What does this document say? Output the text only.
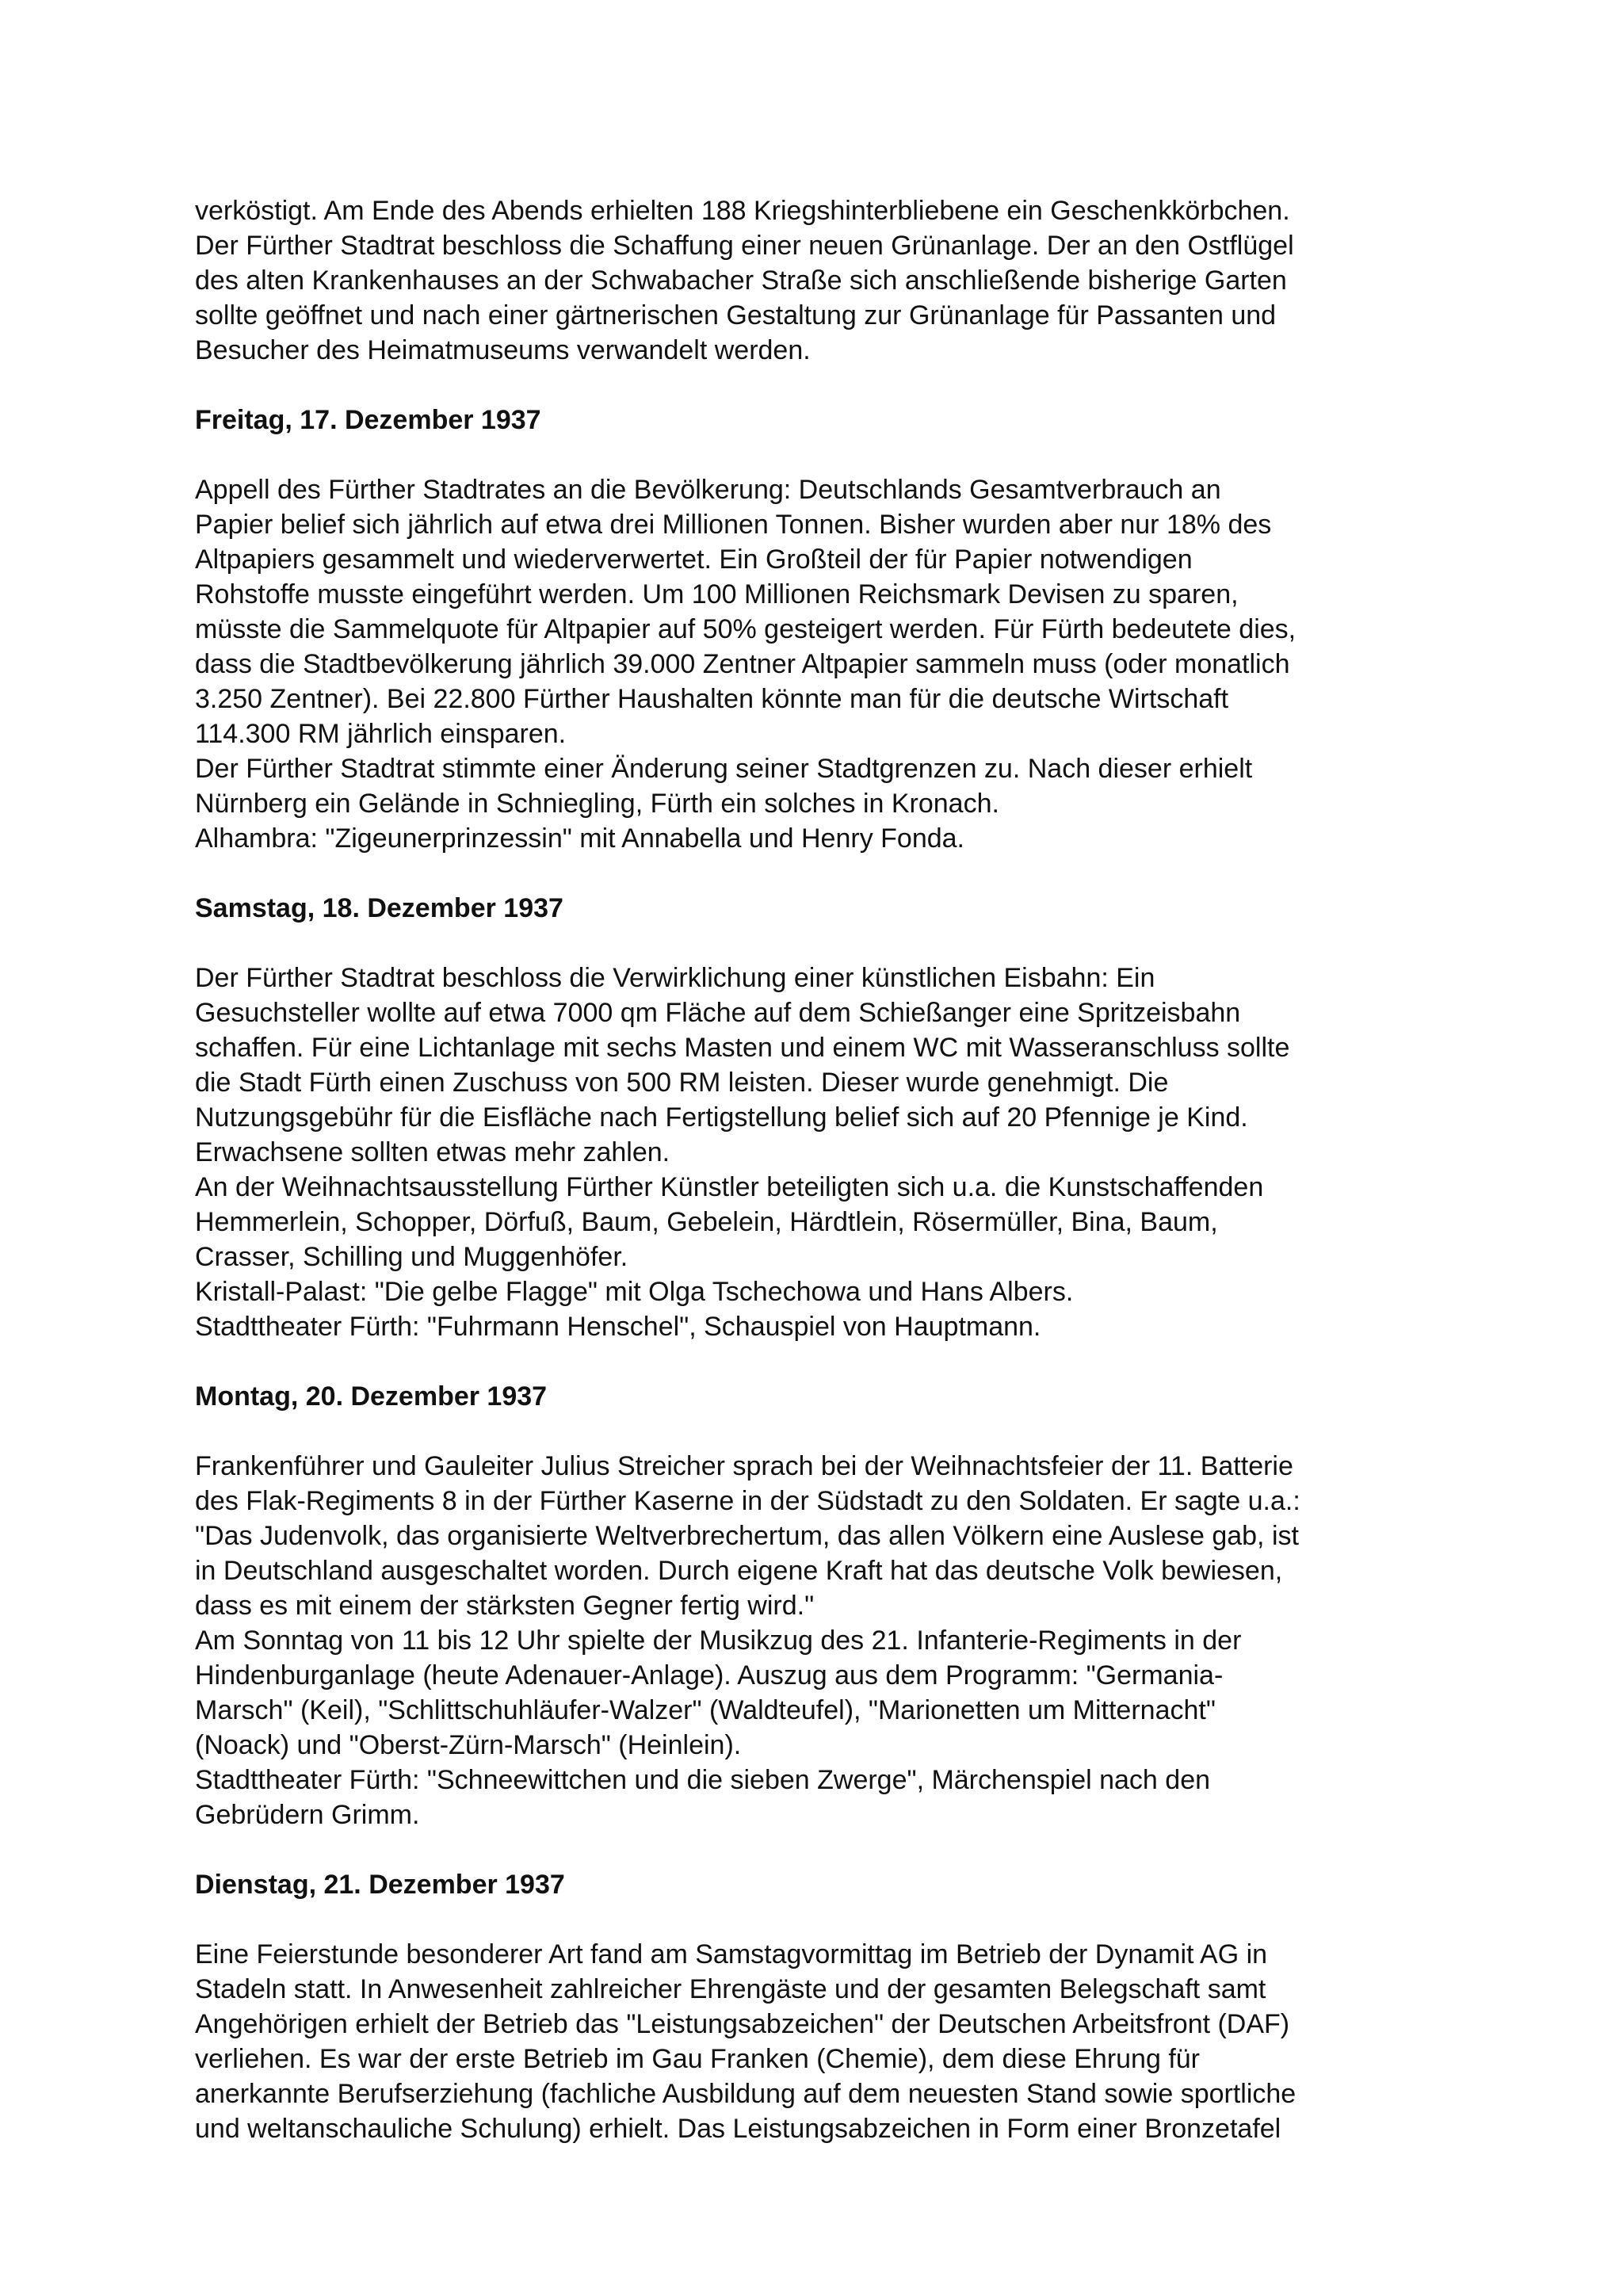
verköstigt. Am Ende des Abends erhielten 188 Kriegshinterbliebene ein Geschenkkörbchen.
Der Fürther Stadtrat beschloss die Schaffung einer neuen Grünanlage. Der an den Ostflügel
des alten Krankenhauses an der Schwabacher Straße sich anschließende bisherige Garten
sollte geöffnet und nach einer gärtnerischen Gestaltung zur Grünanlage für Passanten und
Besucher des Heimatmuseums verwandelt werden.
Freitag, 17. Dezember 1937
Appell des Fürther Stadtrates an die Bevölkerung: Deutschlands Gesamtverbrauch an
Papier belief sich jährlich auf etwa drei Millionen Tonnen. Bisher wurden aber nur 18% des
Altpapiers gesammelt und wiederverwertet. Ein Großteil der für Papier notwendigen
Rohstoffe musste eingeführt werden. Um 100 Millionen Reichsmark Devisen zu sparen,
müsste die Sammelquote für Altpapier auf 50% gesteigert werden. Für Fürth bedeutete dies,
dass die Stadtbevölkerung jährlich 39.000 Zentner Altpapier sammeln muss (oder monatlich
3.250 Zentner). Bei 22.800 Fürther Haushalten könnte man für die deutsche Wirtschaft
114.300 RM jährlich einsparen.
Der Fürther Stadtrat stimmte einer Änderung seiner Stadtgrenzen zu. Nach dieser erhielt
Nürnberg ein Gelände in Schniegling, Fürth ein solches in Kronach.
Alhambra: "Zigeunerprinzessin" mit Annabella und Henry Fonda.
Samstag, 18. Dezember 1937
Der Fürther Stadtrat beschloss die Verwirklichung einer künstlichen Eisbahn: Ein
Gesuchsteller wollte auf etwa 7000 qm Fläche auf dem Schießanger eine Spritzeisbahn
schaffen. Für eine Lichtanlage mit sechs Masten und einem WC mit Wasseranschluss sollte
die Stadt Fürth einen Zuschuss von 500 RM leisten. Dieser wurde genehmigt. Die
Nutzungsgebühr für die Eisfläche nach Fertigstellung belief sich auf 20 Pfennige je Kind.
Erwachsene sollten etwas mehr zahlen.
An der Weihnachtsausstellung Fürther Künstler beteiligten sich u.a. die Kunstschaffenden
Hemmerlein, Schopper, Dörfuß, Baum, Gebelein, Härdtlein, Rösermüller, Bina, Baum,
Crasser, Schilling und Muggenhöfer.
Kristall-Palast: "Die gelbe Flagge" mit Olga Tschechowa und Hans Albers.
Stadttheater Fürth: "Fuhrmann Henschel", Schauspiel von Hauptmann.
Montag, 20. Dezember 1937
Frankenführer und Gauleiter Julius Streicher sprach bei der Weihnachtsfeier der 11. Batterie
des Flak-Regiments 8 in der Fürther Kaserne in der Südstadt zu den Soldaten. Er sagte u.a.:
"Das Judenvolk, das organisierte Weltverbrechertum, das allen Völkern eine Auslese gab, ist
in Deutschland ausgeschaltet worden. Durch eigene Kraft hat das deutsche Volk bewiesen,
dass es mit einem der stärksten Gegner fertig wird."
Am Sonntag von 11 bis 12 Uhr spielte der Musikzug des 21. Infanterie-Regiments in der
Hindenburganlage (heute Adenauer-Anlage). Auszug aus dem Programm: "Germania-
Marsch" (Keil), "Schlittschuhläufer-Walzer" (Waldteufel), "Marionetten um Mitternacht"
(Noack) und "Oberst-Zürn-Marsch" (Heinlein).
Stadttheater Fürth: "Schneewittchen und die sieben Zwerge", Märchenspiel nach den
Gebrüdern Grimm.
Dienstag, 21. Dezember 1937
Eine Feierstunde besonderer Art fand am Samstagvormittag im Betrieb der Dynamit AG in
Stadeln statt. In Anwesenheit zahlreicher Ehrengäste und der gesamten Belegschaft samt
Angehörigen erhielt der Betrieb das "Leistungsabzeichen" der Deutschen Arbeitsfront (DAF)
verliehen. Es war der erste Betrieb im Gau Franken (Chemie), dem diese Ehrung für
anerkannte Berufserziehung (fachliche Ausbildung auf dem neuesten Stand sowie sportliche
und weltanschauliche Schulung) erhielt. Das Leistungsabzeichen in Form einer Bronzetafel
